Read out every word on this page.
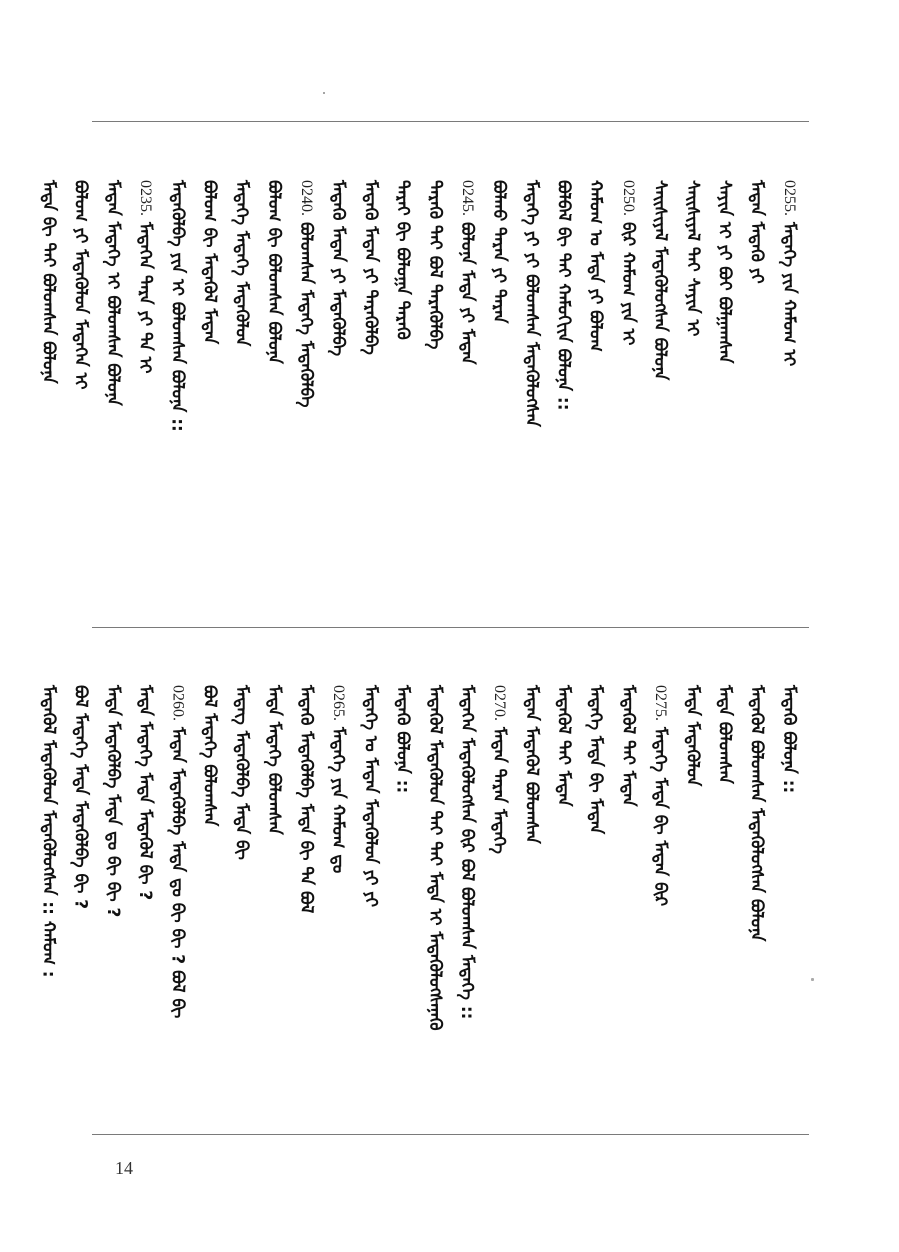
0255.ᠮᠡᠳᠡᠭᠡ ᠶᠢᠨ ᠬᠠᠮᠤᠭ ᠢ
ᠮᠡᠳᠡᠨ ᠮᠡᠳᠡᠬᠦ ᠶᠢ
ᠰᠠᠶᠢᠨ ᠢ ᠶᠢ ᠪᠤᠢ ᠪᠣᠯᠭᠠᠭᠰᠠᠨ
ᠰᠠᠢᠰᠢᠶᠠᠯ ᠲᠠᠢ ᠰᠠᠶᠢᠨ ᠢ
ᠰᠠᠢᠰᠢᠶᠠᠯ ᠮᠡᠳᠡᠭᠦᠯᠦᠭᠰᠡᠨ ᠪᠣᠯᠤᠨᠠ
0250.ᠪᠢᠷ ᠬᠠᠮᠤᠭ ᠶᠢᠨ ᠢ
ᠬᠠᠮᠤᠭ ᠤ ᠮᠡᠳᠡ ᠶᠢ ᠪᠣᠯᠤᠭ
ᠪᠣᠯᠪᠠᠯ ᠪᠢ ᠲᠡᠢ ᠬᠠᠮᠤᠭᠢᠢᠨ ᠪᠣᠯᠤᠨᠠ ::
ᠮᠡᠳᠡᠭᠡ ᠶᠢ ᠶᠢ ᠪᠣᠯᠤᠭᠰᠠᠨ ᠮᠡᠳᠡᠭᠦᠯᠦᠭᠰᠡᠨ
ᠪᠣᠯᠬᠤ ᠲᠡᠷᠡᠨ ᠶᠢ ᠲᠡᠷᠡᠨ
0245.ᠪᠣᠯᠤᠨᠠ ᠮᠡᠳᠡ ᠶᠢ ᠮᠡᠳᠡᠨ
ᠲᠡᠷᠡᠭᠦ ᠲᠡᠢ ᠪᠣᠯ ᠲᠡᠷᠡᠭᠦᠯᠪᠡ
ᠲᠡᠷᠡᠢ ᠪᠢ ᠪᠣᠯᠤᠭᠠ ᠲᠡᠷᠡᠭᠦ
ᠮᠡᠳᠡᠬᠦ ᠮᠡᠳᠡᠨ ᠶᠢ ᠲᠡᠷᠡᠭᠦᠯᠪᠡ
ᠮᠡᠳᠡᠬᠦ ᠮᠡᠳᠡᠨ ᠶᠢ ᠮᠡᠳᠡᠭᠦᠯᠪᠡ
0240.ᠪᠣᠯᠤᠭᠰᠠᠨ ᠮᠡᠳᠡᠭᠡ ᠮᠡᠳᠡᠭᠦᠯᠪᠡ
ᠪᠣᠯᠤᠭ ᠪᠢ ᠪᠣᠯᠤᠭᠰᠠᠨ ᠪᠣᠯᠤᠨᠠ
ᠮᠡᠳᠡᠭᠡ ᠮᠡᠳᠡᠭᠡ ᠮᠡᠳᠡᠭᠦᠯᠦᠨ
ᠪᠣᠯᠤᠭ ᠪᠢ ᠮᠡᠳᠡᠭᠦᠯ ᠮᠡᠳᠡᠨ
ᠮᠡᠳᠡᠭᠦᠯᠪᠡ ᠶᠢᠨ ᠢ ᠪᠣᠯᠤᠭᠰᠠᠨ ᠪᠣᠯᠤᠨᠠ ::
0235.ᠮᠡᠳᠡᠭᠡᠨ ᠲᠡᠷᠡ ᠶᠢ ᠲᠡ ᠢ
ᠮᠡᠳᠡᠨ ᠮᠡᠳᠡᠭᠡ ᠢ ᠪᠣᠯᠤᠭᠰᠠᠨ ᠪᠣᠯᠤᠨᠠ
ᠪᠣᠯᠤᠭ ᠶᠢ ᠮᠡᠳᠡᠭᠦᠯᠦᠨ ᠮᠡᠳᠡᠭᠡᠨ ᠢ
ᠮᠡᠳᠡ ᠪᠢ ᠲᠡᠢ ᠪᠣᠯᠤᠭᠰᠠᠨ ᠪᠣᠯᠤᠨᠠ
ᠮᠡᠳᠡᠬᠦ ᠪᠣᠯᠤᠨᠠ ::
ᠮᠡᠳᠡᠭᠦᠯ ᠪᠣᠯᠤᠭᠰᠠᠨ ᠮᠡᠳᠡᠭᠦᠯᠦᠭᠰᠡᠨ ᠪᠣᠯᠤᠨᠠ ᠌
ᠮᠡᠳᠡ ᠪᠣᠯᠤᠭᠰᠠᠨ
ᠮᠡᠳᠡ ᠮᠡᠳᠡᠭᠦᠯᠦᠨ
0275.ᠮᠡᠳᠡᠭᠡ ᠮᠡᠳᠡ ᠪᠢ ᠮᠡᠳᠡᠨ ᠪᠢᠷ
ᠮᠡᠳᠡᠭᠦᠯ ᠲᠡᠢ ᠮᠡᠳᠡᠨ
ᠮᠡᠳᠡᠭᠡ ᠮᠡᠳᠡ ᠪᠢ ᠮᠡᠳᠡᠨ
ᠮᠡᠳᠡᠭᠦᠯ ᠲᠡᠢ ᠮᠡᠳᠡᠨ
ᠮᠡᠳᠡᠨ ᠮᠡᠳᠡᠭᠦᠯ ᠪᠣᠯᠤᠭᠰᠠᠨ
0270.ᠮᠡᠳᠡᠨ ᠲᠡᠷᠡᠨ ᠮᠡᠳᠡᠭᠡ
ᠮᠡᠳᠡᠭᠡᠨ ᠮᠡᠳᠡᠭᠦᠯᠦᠭᠰᠡᠨ ᠪᠢᠷ ᠪᠣᠯ ᠪᠣᠯᠤᠭᠰᠠᠨ ᠮᠡᠳᠡᠭᠡ ::
ᠮᠡᠳᠡᠭᠦᠯ ᠮᠡᠳᠡᠭᠦᠯᠦᠨ ᠲᠡᠢ ᠲᠡᠢ ᠮᠡᠳᠡ ᠢ ᠮᠡᠳᠡᠭᠦᠯᠦᠭᠰᠡᠨᠡᠭᠦ
ᠮᠡᠳᠡᠬᠦ ᠪᠣᠯᠤᠨᠠ ::
ᠮᠡᠳᠡᠭᠡ ᠤ ᠮᠡᠳᠡᠨ ᠮᠡᠳᠡᠭᠦᠯᠦᠨ ᠶᠢ ᠶᠢ
0265.ᠮᠡᠳᠡᠭᠡ ᠶᠢᠨ ᠬᠠᠮᠤᠭ ᠳᠤ
ᠮᠡᠳᠡᠬᠦ ᠮᠡᠳᠡᠭᠦᠯᠪᠡ ᠮᠡᠳᠡ ᠪᠢ ᠲᠡ ᠪᠣᠯ
ᠮᠡᠳᠡ ᠮᠡᠳᠡᠭᠡ ᠪᠣᠯᠤᠭᠰᠠᠨ
ᠮᠡᠳᠡᠭ ᠮᠡᠳᠡᠭᠦᠯᠪᠡ ᠮᠡᠳᠡ ᠪᠢ
ᠪᠣᠯ ᠮᠡᠳᠡᠭᠡ ᠪᠣᠯᠤᠭᠰᠠᠨ
0260.ᠮᠡᠳᠡᠨ ᠮᠡᠳᠡᠭᠦᠯᠪᠡ ᠮᠡᠳᠡ ᠳᠤ ᠪᠢ ᠪᠢ ? ᠪᠣᠯ ᠪᠢ
ᠮᠡᠳᠡ ᠮᠡᠳᠡᠭᠡ ᠮᠡᠳᠡ ᠮᠡᠳᠡᠭᠦᠯ ᠪᠢ ?
ᠮᠡᠳᠡ ᠮᠡᠳᠡᠭᠦᠯᠪᠡ ᠮᠡᠳᠡ ᠳᠤ ᠪᠢ ᠪᠢ ?
ᠪᠣᠯ ᠮᠡᠳᠡᠭᠡ ᠮᠡᠳᠡ ᠮᠡᠳᠡᠭᠦᠯᠪᠡ ᠪᠢ ?
ᠮᠡᠳᠡᠭᠦᠯ ᠮᠡᠳᠡᠭᠦᠯᠦᠨ ᠮᠡᠳᠡᠭᠦᠯᠦᠭᠰᠡᠨ :: ᠬᠠᠮᠤᠭ :
14
